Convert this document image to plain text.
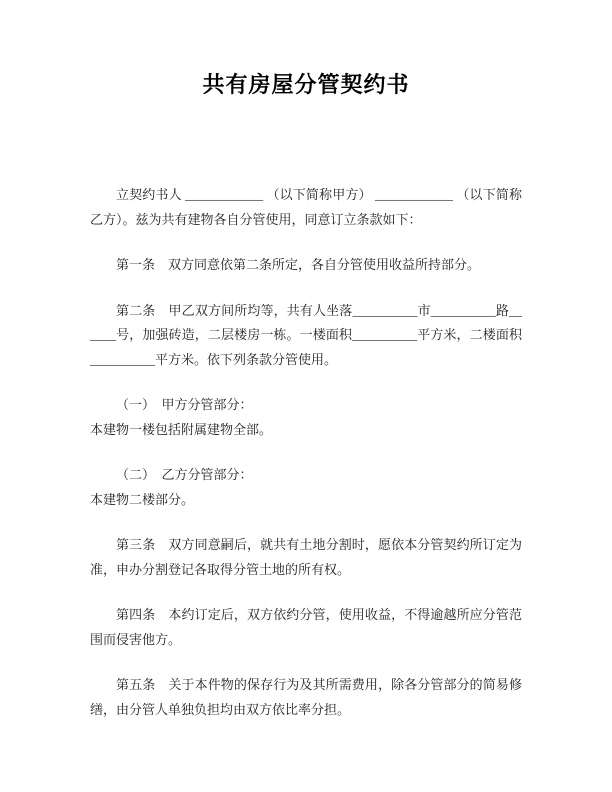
共有房屋分管契约书

立契约书人 ____________ （以下简称甲方） ____________ （以下简称乙方）。兹为共有建物各自分管使用，同意订立条款如下：

第一条　双方同意依第二条所定，各自分管使用收益所持部分。

第二条　甲乙双方间所均等，共有人坐落__________市__________路______号，加强砖造，二层楼房一栋。一楼面积__________平方米，二楼面积__________平方米。依下列条款分管使用。

（一）　甲方分管部分：

本建物一楼包括附属建物全部。

（二）　乙方分管部分：

本建物二楼部分。

第三条　双方同意嗣后，就共有土地分割时，愿依本分管契约所订定为准，申办分割登记各取得分管土地的所有权。

第四条　本约订定后，双方依约分管，使用收益，不得逾越所应分管范围而侵害他方。

第五条　关于本件物的保存行为及其所需费用，除各分管部分的简易修缮，由分管人单独负担均由双方依比率分担。
